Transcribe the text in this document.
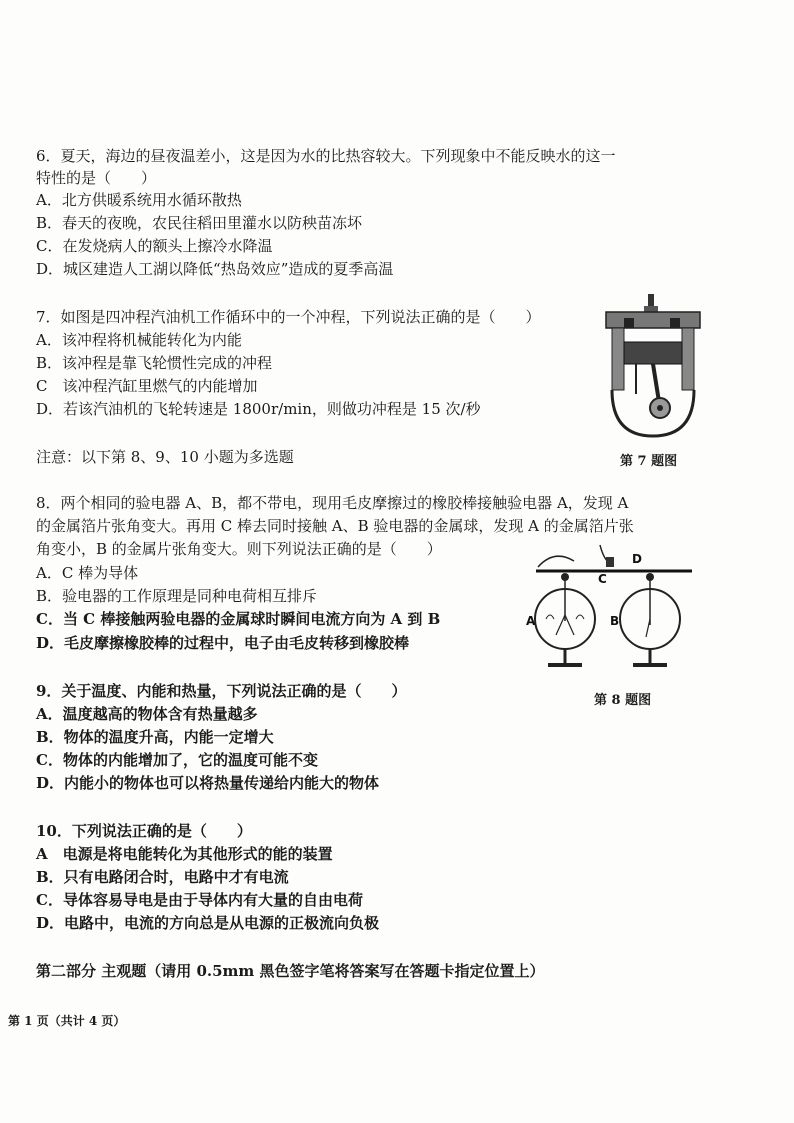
6．夏天，海边的昼夜温差小，这是因为水的比热容较大。下列现象中不能反映水的这一
特性的是（　　）
A．北方供暖系统用水循环散热
B．春天的夜晚，农民往稻田里灌水以防秧苗冻坏
C．在发烧病人的额头上擦冷水降温
D．城区建造人工湖以降低“热岛效应”造成的夏季高温
7．如图是四冲程汽油机工作循环中的一个冲程，下列说法正确的是（　　）
A．该冲程将机械能转化为内能
B．该冲程是靠飞轮惯性完成的冲程
C　该冲程汽缸里燃气的内能增加
D．若该汽油机的飞轮转速是 1800r/min，则做功冲程是 15 次/秒
第 7 题图
注意：以下第 8、9、10 小题为多选题
8．两个相同的验电器 A、B，都不带电，现用毛皮摩擦过的橡胶棒接触验电器 A，发现 A
的金属箔片张角变大。再用 C 棒去同时接触 A、B 验电器的金属球，发现 A 的金属箔片张
角变小，B 的金属片张角变大。则下列说法正确的是（　　）
A．C 棒为导体
B．验电器的工作原理是同种电荷相互排斥
C．当 C 棒接触两验电器的金属球时瞬间电流方向为 A 到 B
D．毛皮摩擦橡胶棒的过程中，电子由毛皮转移到橡胶棒
C
D
A	B
第 8 题图
9．关于温度、内能和热量，下列说法正确的是（　　）
A．温度越高的物体含有热量越多
B．物体的温度升高，内能一定增大
C．物体的内能增加了，它的温度可能不变
D．内能小的物体也可以将热量传递给内能大的物体
10．下列说法正确的是（　　）
A　电源是将电能转化为其他形式的能的装置
B．只有电路闭合时，电路中才有电流
C．导体容易导电是由于导体内有大量的自由电荷
D．电路中，电流的方向总是从电源的正极流向负极
第二部分 主观题（请用 0.5mm 黑色签字笔将答案写在答题卡指定位置上）
第 1 页（共计 4 页）
